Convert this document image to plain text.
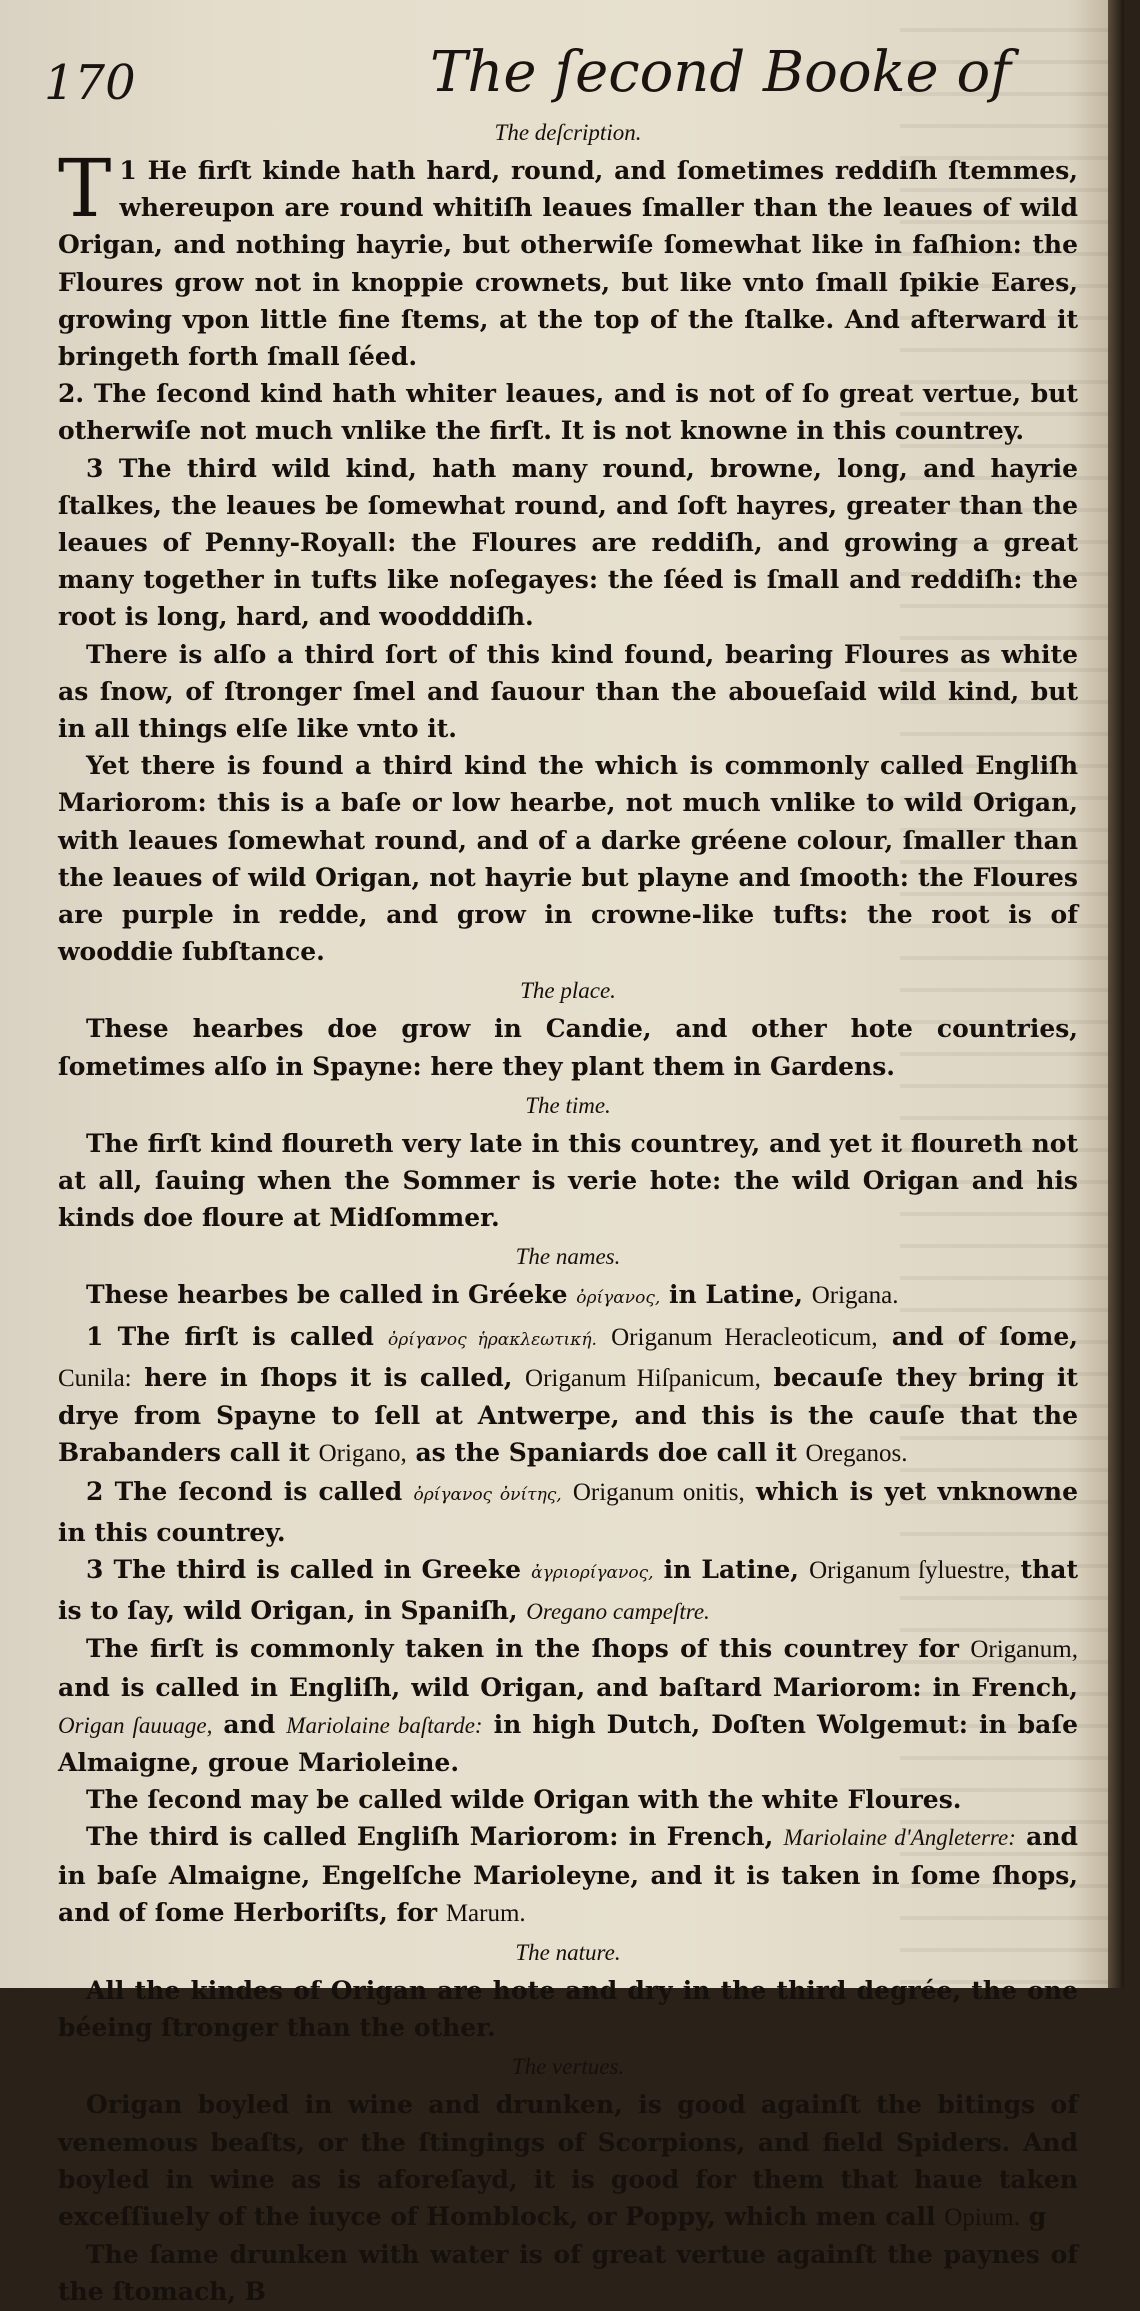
170	The ſecond Booke of
The deſcription.

1
T He firſt kinde hath hard, round, and ſometimes reddiſh ſtemmes, whereupon are round whitiſh leaues ſmaller than the leaues of wild Origan, and nothing hayrie, but otherwiſe ſomewhat like in faſhion: the Floures grow not in knoppie crownets, but like vnto ſmall ſpikie Eares, growing vpon little fine ſtems, at the top of the ſtalke. And afterward it bringeth forth ſmall ſéed.

2. The ſecond kind hath whiter leaues, and is not of ſo great vertue, but otherwiſe not much vnlike the firſt. It is not knowne in this countrey.

3 The third wild kind, hath many round, browne, long, and hayrie ſtalkes, the leaues be ſomewhat round, and ſoft hayres, greater than the leaues of Penny-Royall: the Floures are reddiſh, and growing a great many together in tufts like noſegayes: the ſéed is ſmall and reddiſh: the root is long, hard, and woodddiſh.

There is alſo a third ſort of this kind found, bearing Floures as white as ſnow, of ſtronger ſmel and ſauour than the aboueſaid wild kind, but in all things elſe like vnto it.

Yet there is found a third kind the which is commonly called Engliſh Mariorom: this is a baſe or low hearbe, not much vnlike to wild Origan, with leaues ſomewhat round, and of a darke gréene colour, ſmaller than the leaues of wild Origan, not hayrie but playne and ſmooth: the Floures are purple in redde, and grow in crowne-like tufts: the root is of wooddie ſubſtance.

The place.

These hearbes doe grow in Candie, and other hote countries, ſometimes alſo in Spayne: here they plant them in Gardens.

The time.

The firſt kind floureth very late in this countrey, and yet it floureth not at all, ſauing when the Sommer is verie hote: the wild Origan and his kinds doe floure at Midſommer.

The names.

These hearbes be called in Gréeke ὀρίγανος, in Latine, Origana.

1 The firſt is called ὀρίγανος ἡρακλεωτική. Origanum Heracleoticum, and of ſome, Cunila: here in ſhops it is called, Origanum Hiſpanicum, becauſe they bring it drye from Spayne to ſell at Antwerpe, and this is the cauſe that the Brabanders call it Origano, as the Spaniards doe call it Oreganos.

2 The ſecond is called ὀρίγανος ὀνίτης, Origanum onitis, which is yet vnknowne in this countrey.

3 The third is called in Greeke ἀγριορίγανος, in Latine, Origanum ſyluestre, that is to ſay, wild Origan, in Spaniſh, Oregano campeſtre.

The firſt is commonly taken in the ſhops of this countrey for Origanum, and is called in Engliſh, wild Origan, and baſtard Mariorom: in French, Origan ſauuage, and Mariolaine baſtarde: in high Dutch, Doſten Wolgemut: in baſe Almaigne, groue Marioleine.

The ſecond may be called wilde Origan with the white Floures.

The third is called Engliſh Mariorom: in French, Mariolaine d'Angleterre: and in baſe Almaigne, Engelſche Marioleyne, and it is taken in ſome ſhops, and of ſome Herboriſts, for Marum.

The nature.

All the kindes of Origan are hote and dry in the third degrée, the one béeing ſtronger than the other.

The vertues.

Origan boyled in wine and drunken, is good againſt the bitings of venemous beaſts, or the ſtingings of Scorpions, and field Spiders. And boyled in wine as is aforeſayd, it is good for them that haue taken exceſſiuely of the iuyce of Homblock, or Poppy, which men call Opium. g

The ſame drunken with water is of great vertue againſt the paynes of the ſtomach, B
